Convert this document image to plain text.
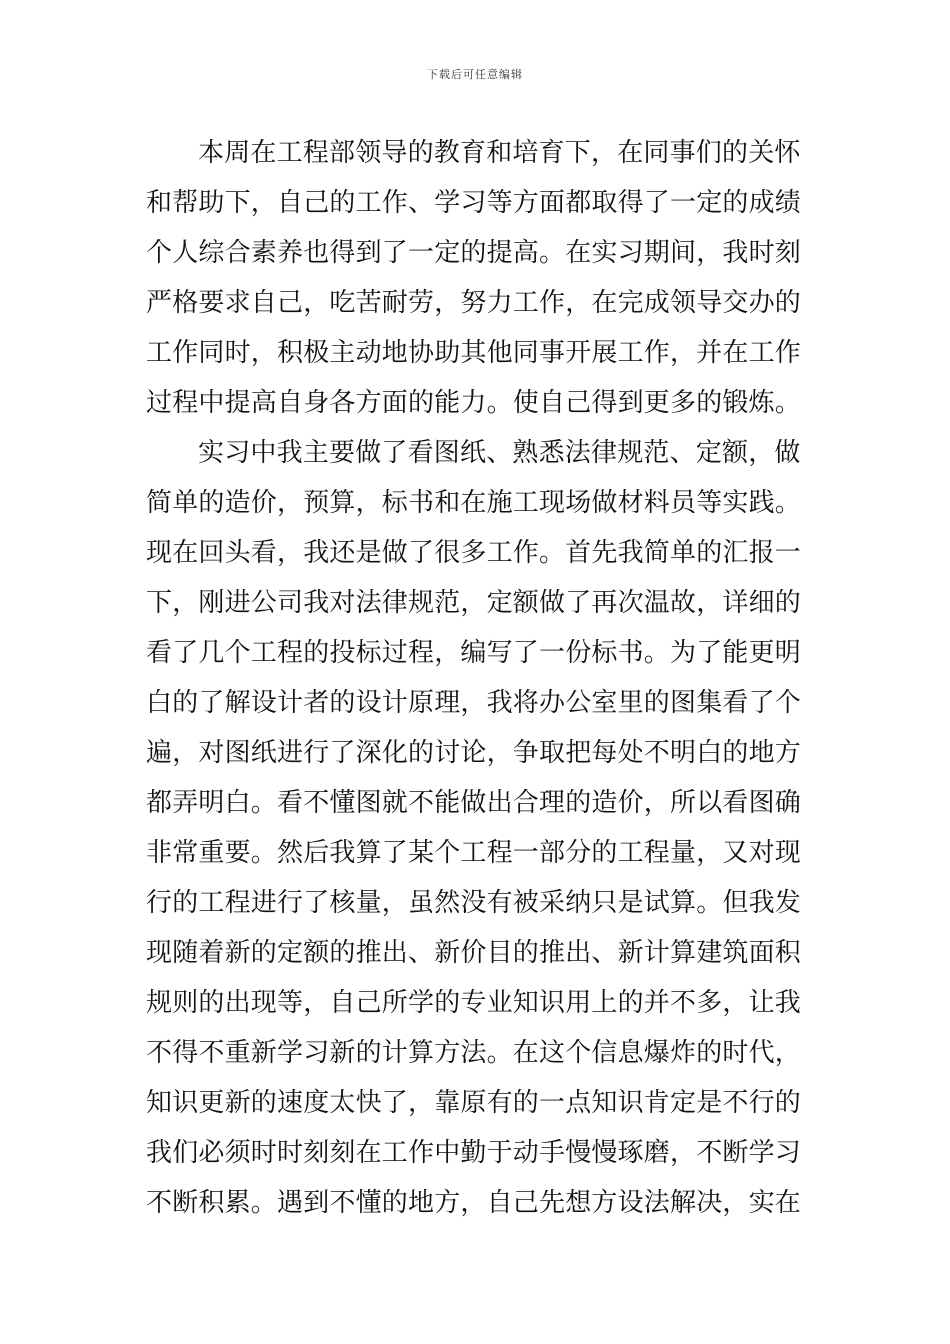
下载后可任意编辑
本周在工程部领导的教育和培育下，在同事们的关怀
和帮助下，自己的工作、学习等方面都取得了一定的成绩
个人综合素养也得到了一定的提高。在实习期间，我时刻
严格要求自己，吃苦耐劳，努力工作，在完成领导交办的
工作同时，积极主动地协助其他同事开展工作，并在工作
过程中提高自身各方面的能力。使自己得到更多的锻炼。
实习中我主要做了看图纸、熟悉法律规范、定额，做
简单的造价，预算，标书和在施工现场做材料员等实践。
现在回头看，我还是做了很多工作。首先我简单的汇报一
下，刚进公司我对法律规范，定额做了再次温故，详细的
看了几个工程的投标过程，编写了一份标书。为了能更明
白的了解设计者的设计原理，我将办公室里的图集看了个
遍，对图纸进行了深化的讨论，争取把每处不明白的地方
都弄明白。看不懂图就不能做出合理的造价，所以看图确
非常重要。然后我算了某个工程一部分的工程量，又对现
行的工程进行了核量，虽然没有被采纳只是试算。但我发
现随着新的定额的推出、新价目的推出、新计算建筑面积
规则的出现等，自己所学的专业知识用上的并不多，让我
不得不重新学习新的计算方法。在这个信息爆炸的时代，
知识更新的速度太快了，靠原有的一点知识肯定是不行的
我们必须时时刻刻在工作中勤于动手慢慢琢磨，不断学习
不断积累。遇到不懂的地方，自己先想方设法解决，实在
